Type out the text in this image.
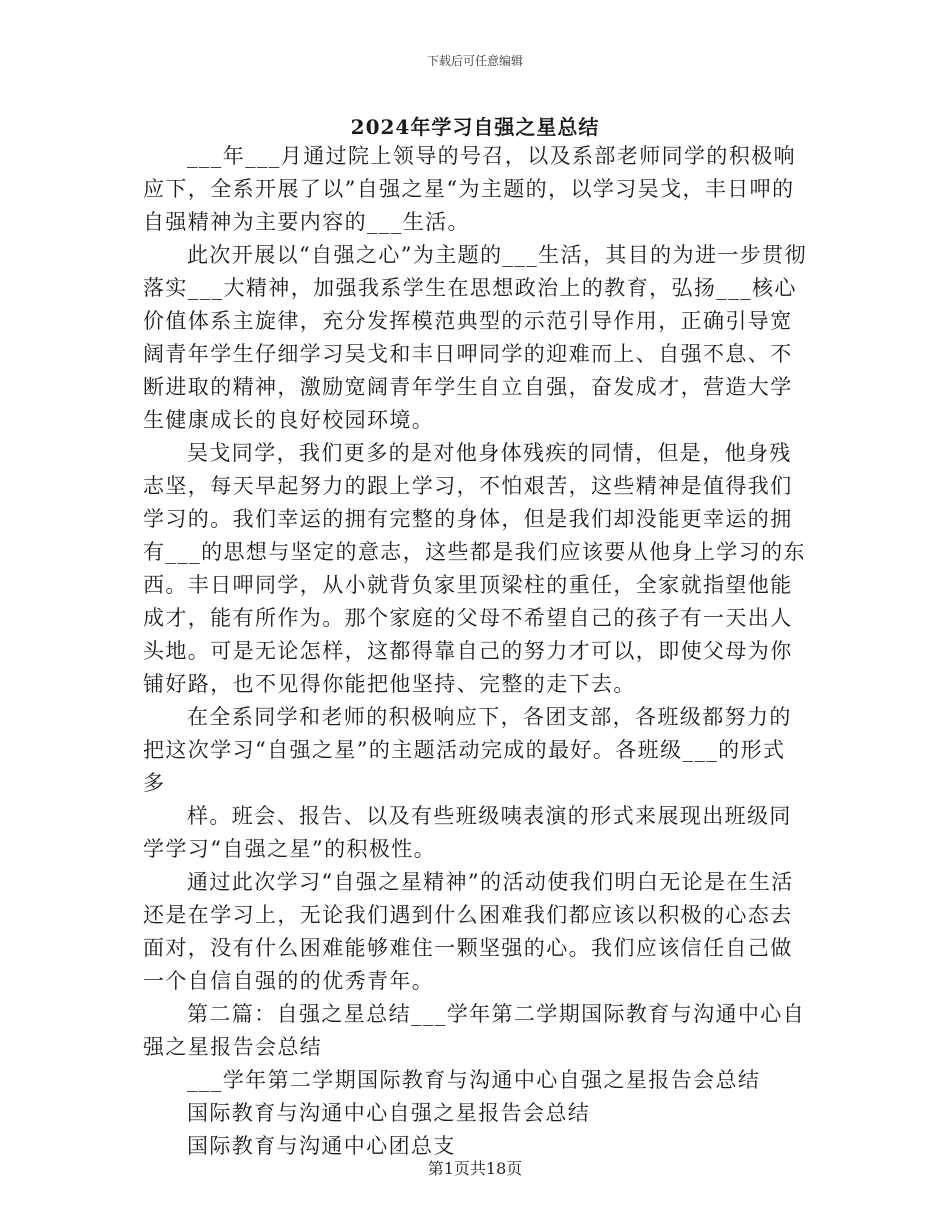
下载后可任意编辑
2024年学习自强之星总结

___年___月通过院上领导的号召，以及系部老师同学的积极响应下，全系开展了以”自强之星“为主题的，以学习吴戈，丰日呷的自强精神为主要内容的___生活。

此次开展以“自强之心”为主题的___生活，其目的为进一步贯彻落实___大精神，加强我系学生在思想政治上的教育，弘扬___核心价值体系主旋律，充分发挥模范典型的示范引导作用，正确引导宽阔青年学生仔细学习吴戈和丰日呷同学的迎难而上、自强不息、不断进取的精神，激励宽阔青年学生自立自强，奋发成才，营造大学生健康成长的良好校园环境。

吴戈同学，我们更多的是对他身体残疾的同情，但是，他身残志坚，每天早起努力的跟上学习，不怕艰苦，这些精神是值得我们学习的。我们幸运的拥有完整的身体，但是我们却没能更幸运的拥有___的思想与坚定的意志，这些都是我们应该要从他身上学习的东西。丰日呷同学，从小就背负家里顶梁柱的重任，全家就指望他能成才，能有所作为。那个家庭的父母不希望自己的孩子有一天出人头地。可是无论怎样，这都得靠自己的努力才可以，即使父母为你铺好路，也不见得你能把他坚持、完整的走下去。

在全系同学和老师的积极响应下，各团支部，各班级都努力的把这次学习“自强之星”的主题活动完成的最好。各班级___的形式多

样。班会、报告、以及有些班级咦表演的形式来展现出班级同学学习“自强之星”的积极性。

通过此次学习“自强之星精神”的活动使我们明白无论是在生活还是在学习上，无论我们遇到什么困难我们都应该以积极的心态去面对，没有什么困难能够难住一颗坚强的心。我们应该信任自己做一个自信自强的的优秀青年。

第二篇：自强之星总结___学年第二学期国际教育与沟通中心自强之星报告会总结

___学年第二学期国际教育与沟通中心自强之星报告会总结

国际教育与沟通中心自强之星报告会总结

国际教育与沟通中心团总支

第1页共18页
